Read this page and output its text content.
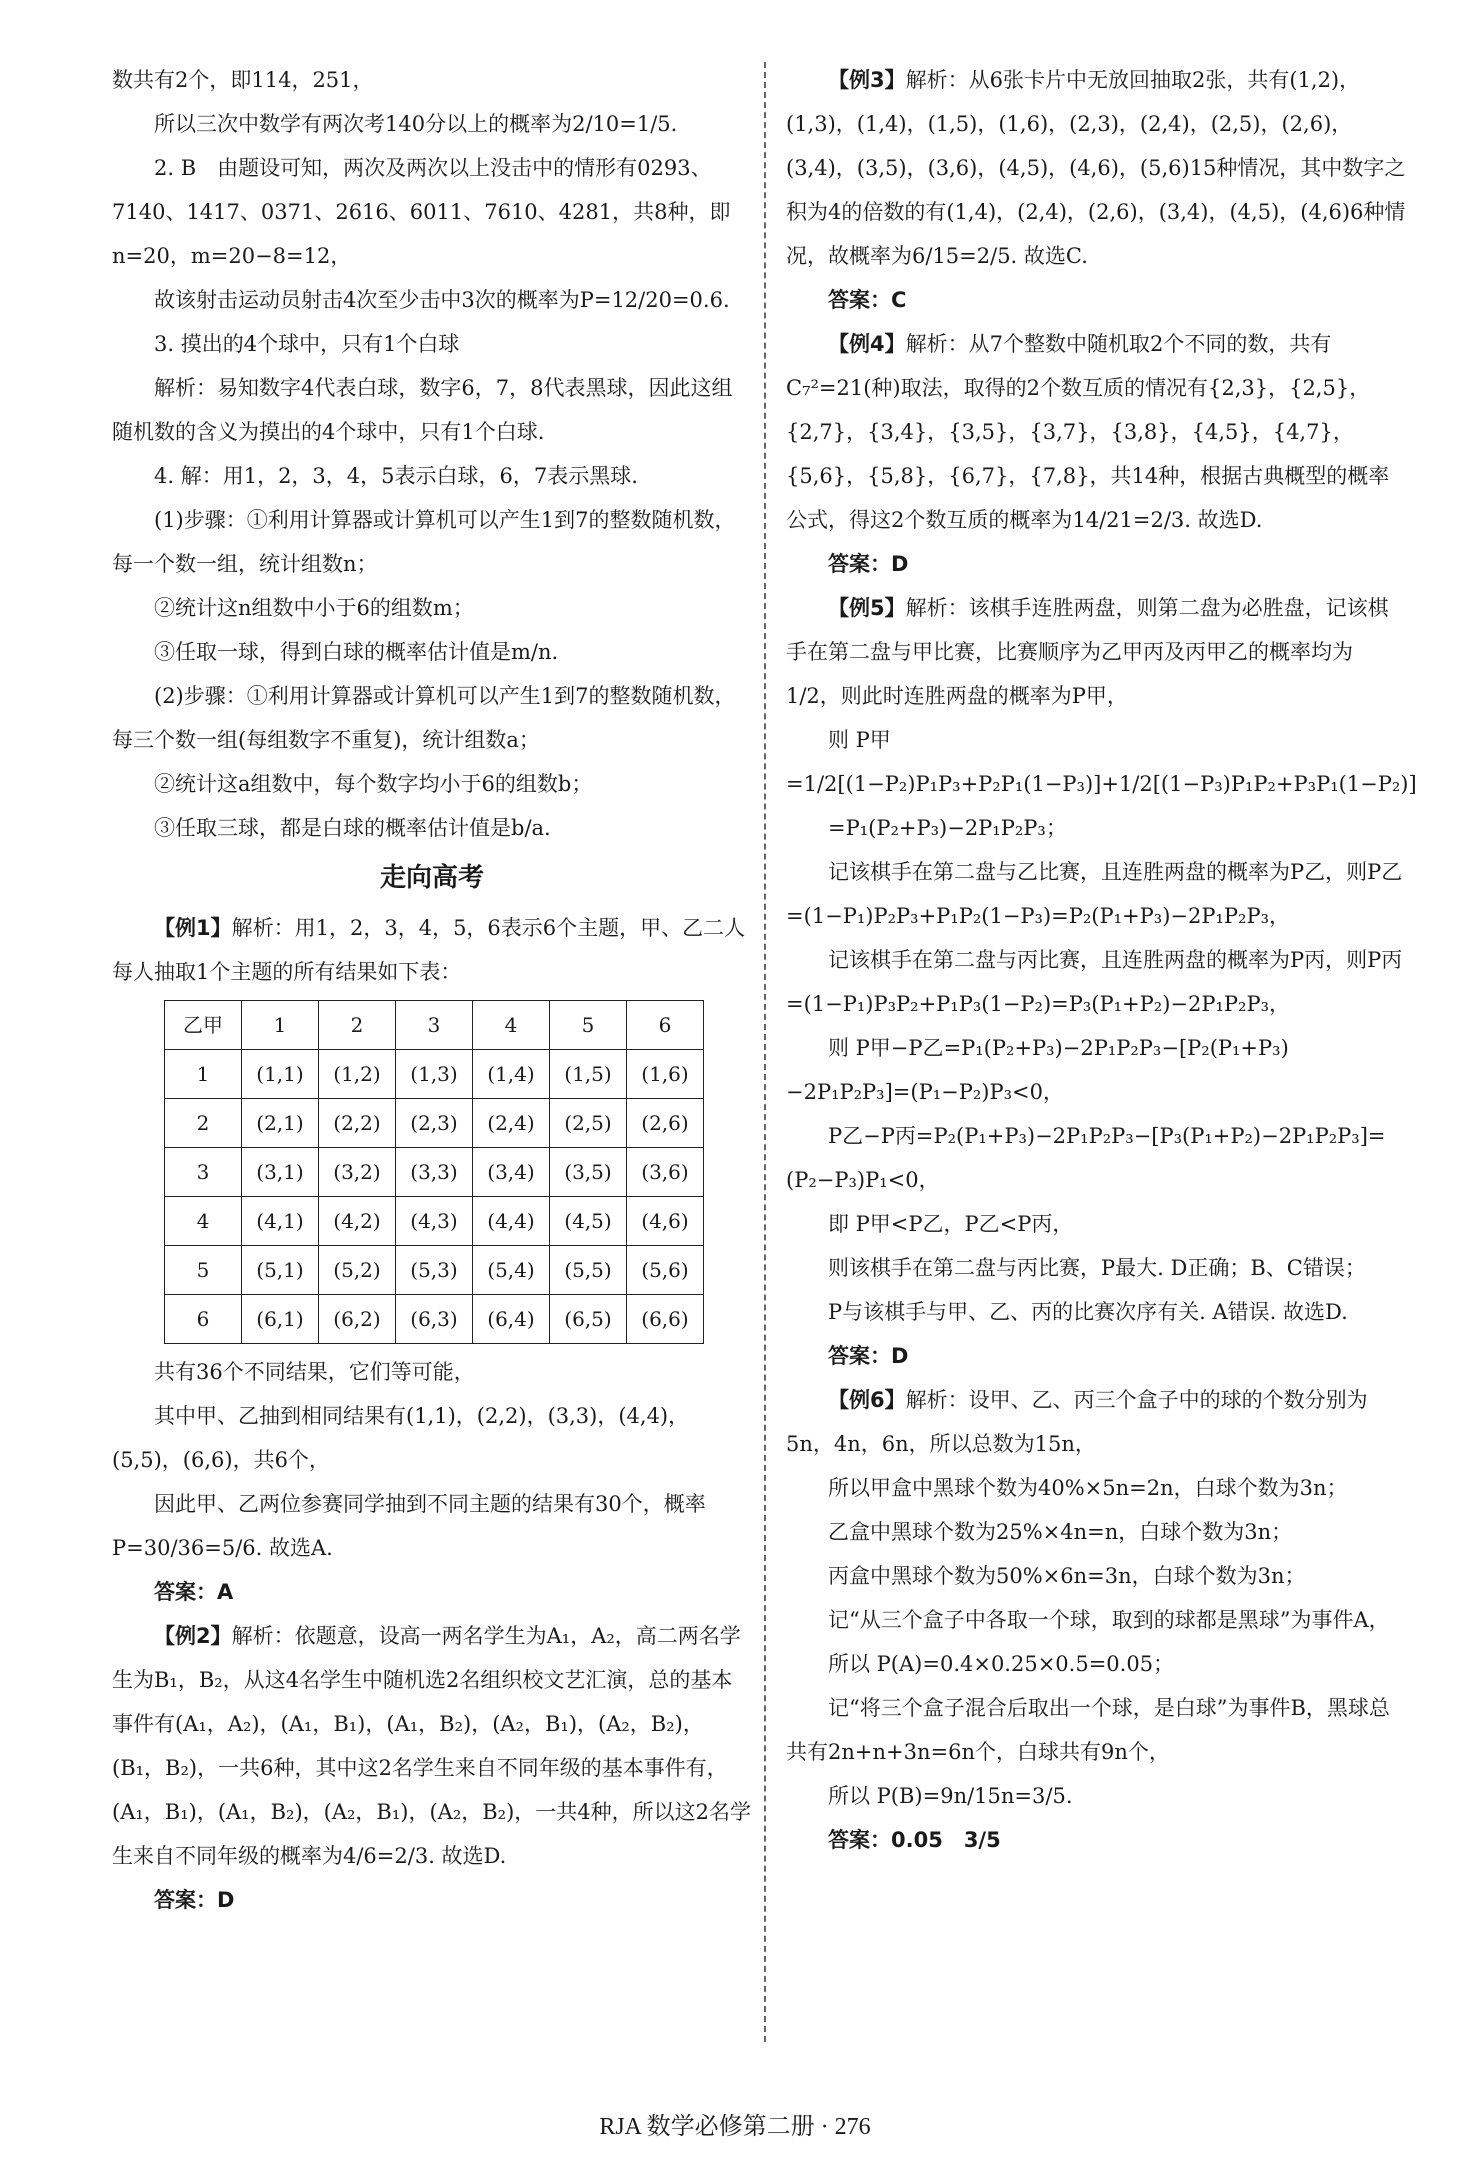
数共有2个，即114，251，

所以三次中数学有两次考140分以上的概率为2/10=1/5.

2. B　由题设可知，两次及两次以上没击中的情形有0293、7140、1417、0371、2616、6011、7610、4281，共8种，即n=20，m=20−8=12，

故该射击运动员射击4次至少击中3次的概率为P=12/20=0.6.

3. 摸出的4个球中，只有1个白球

解析：易知数字4代表白球，数字6，7，8代表黑球，因此这组随机数的含义为摸出的4个球中，只有1个白球.

4. 解：用1，2，3，4，5表示白球，6，7表示黑球.

(1)步骤：①利用计算器或计算机可以产生1到7的整数随机数，每一个数一组，统计组数n；

②统计这n组数中小于6的组数m；

③任取一球，得到白球的概率估计值是m/n.

(2)步骤：①利用计算器或计算机可以产生1到7的整数随机数，每三个数一组(每组数字不重复)，统计组数a；

②统计这a组数中，每个数字均小于6的组数b；

③任取三球，都是白球的概率估计值是b/a.

走向高考

【例1】解析：用1，2，3，4，5，6表示6个主题，甲、乙二人每人抽取1个主题的所有结果如下表：

乙甲	1	2	3	4	5	6
1	(1,1)	(1,2)	(1,3)	(1,4)	(1,5)	(1,6)
2	(2,1)	(2,2)	(2,3)	(2,4)	(2,5)	(2,6)
3	(3,1)	(3,2)	(3,3)	(3,4)	(3,5)	(3,6)
4	(4,1)	(4,2)	(4,3)	(4,4)	(4,5)	(4,6)
5	(5,1)	(5,2)	(5,3)	(5,4)	(5,5)	(5,6)
6	(6,1)	(6,2)	(6,3)	(6,4)	(6,5)	(6,6)

共有36个不同结果，它们等可能，

其中甲、乙抽到相同结果有(1,1)，(2,2)，(3,3)，(4,4)，(5,5)，(6,6)，共6个，

因此甲、乙两位参赛同学抽到不同主题的结果有30个，概率P=30/36=5/6. 故选A.

答案：A

【例2】解析：依题意，设高一两名学生为A₁，A₂，高二两名学生为B₁，B₂，从这4名学生中随机选2名组织校文艺汇演，总的基本事件有(A₁，A₂)，(A₁，B₁)，(A₁，B₂)，(A₂，B₁)，(A₂，B₂)，(B₁，B₂)，一共6种，其中这2名学生来自不同年级的基本事件有，(A₁，B₁)，(A₁，B₂)，(A₂，B₁)，(A₂，B₂)，一共4种，所以这2名学生来自不同年级的概率为4/6=2/3. 故选D.

答案：D

【例3】解析：从6张卡片中无放回抽取2张，共有(1,2)，(1,3)，(1,4)，(1,5)，(1,6)，(2,3)，(2,4)，(2,5)，(2,6)，(3,4)，(3,5)，(3,6)，(4,5)，(4,6)，(5,6)15种情况，其中数字之积为4的倍数的有(1,4)，(2,4)，(2,6)，(3,4)，(4,5)，(4,6)6种情况，故概率为6/15=2/5. 故选C.

答案：C

【例4】解析：从7个整数中随机取2个不同的数，共有C₇²=21(种)取法，取得的2个数互质的情况有{2,3}，{2,5}，{2,7}，{3,4}，{3,5}，{3,7}，{3,8}，{4,5}，{4,7}，{5,6}，{5,8}，{6,7}，{7,8}，共14种，根据古典概型的概率公式，得这2个数互质的概率为14/21=2/3. 故选D.

答案：D

【例5】解析：该棋手连胜两盘，则第二盘为必胜盘，记该棋手在第二盘与甲比赛，比赛顺序为乙甲丙及丙甲乙的概率均为1/2，则此时连胜两盘的概率为P甲，

则 P甲=1/2[(1−P₂)P₁P₃+P₂P₁(1−P₃)]+1/2[(1−P₃)P₁P₂+P₃P₁(1−P₂)]

=P₁(P₂+P₃)−2P₁P₂P₃；

记该棋手在第二盘与乙比赛，且连胜两盘的概率为P乙，则P乙=(1−P₁)P₂P₃+P₁P₂(1−P₃)=P₂(P₁+P₃)−2P₁P₂P₃，

记该棋手在第二盘与丙比赛，且连胜两盘的概率为P丙，则P丙=(1−P₁)P₃P₂+P₁P₃(1−P₂)=P₃(P₁+P₂)−2P₁P₂P₃，

则 P甲−P乙=P₁(P₂+P₃)−2P₁P₂P₃−[P₂(P₁+P₃)−2P₁P₂P₃]=(P₁−P₂)P₃<0，

P乙−P丙=P₂(P₁+P₃)−2P₁P₂P₃−[P₃(P₁+P₂)−2P₁P₂P₃]=(P₂−P₃)P₁<0，

即 P甲<P乙，P乙<P丙，

则该棋手在第二盘与丙比赛，P最大. D正确；B、C错误；

P与该棋手与甲、乙、丙的比赛次序有关. A错误. 故选D.

答案：D

【例6】解析：设甲、乙、丙三个盒子中的球的个数分别为5n，4n，6n，所以总数为15n，

所以甲盒中黑球个数为40%×5n=2n，白球个数为3n；

乙盒中黑球个数为25%×4n=n，白球个数为3n；

丙盒中黑球个数为50%×6n=3n，白球个数为3n；

记“从三个盒子中各取一个球，取到的球都是黑球”为事件A，

所以 P(A)=0.4×0.25×0.5=0.05；

记“将三个盒子混合后取出一个球，是白球”为事件B，黑球总共有2n+n+3n=6n个，白球共有9n个，

所以 P(B)=9n/15n=3/5.

答案：0.05　3/5

RJA 数学必修第二册 · 276
